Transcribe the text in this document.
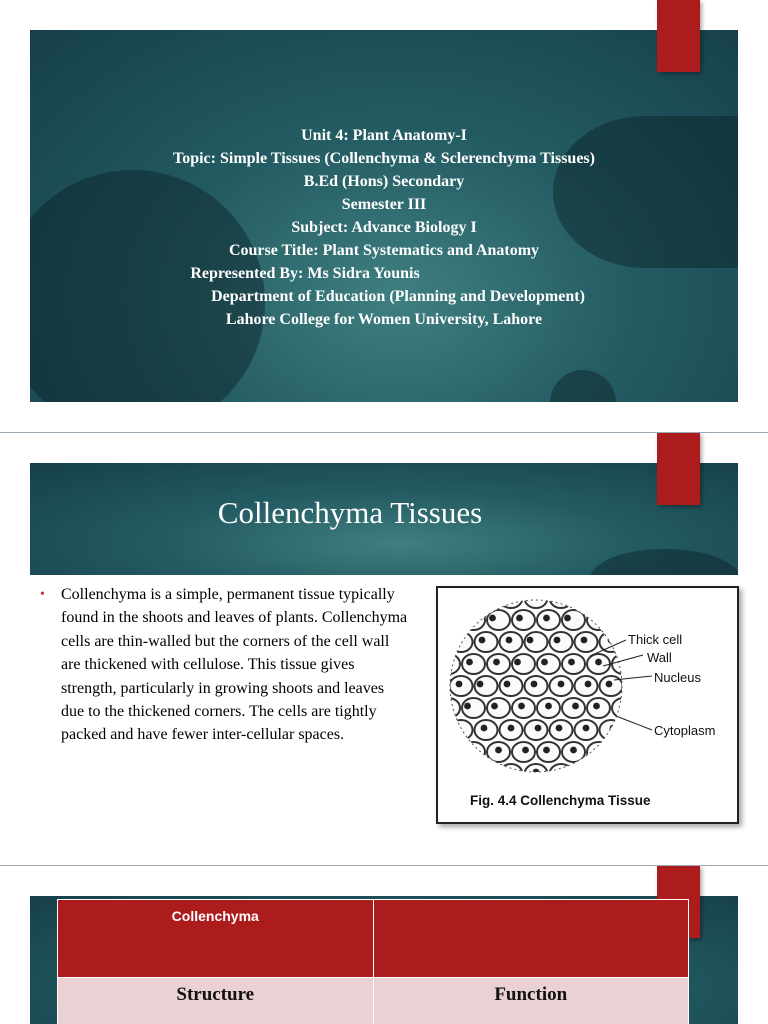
Unit 4: Plant Anatomy-I
Topic: Simple Tissues (Collenchyma & Sclerenchyma Tissues)
B.Ed (Hons) Secondary
Semester III
Subject: Advance Biology I
Course Title: Plant Systematics and Anatomy
Represented By: Ms Sidra Younis
Department of Education (Planning and Development)
Lahore College for Women University, Lahore
Collenchyma Tissues
• Collenchyma is a simple, permanent tissue typically found in the shoots and leaves of plants. Collenchyma cells are thin-walled but the corners of the cell wall are thickened with cellulose. This tissue gives strength, particularly in growing shoots and leaves due to the thickened corners. The cells are tightly packed and have fewer inter-cellular spaces.
Thick cell
Wall
Nucleus
Cytoplasm
Fig. 4.4 Collenchyma Tissue
Collenchyma	
Structure	Function
